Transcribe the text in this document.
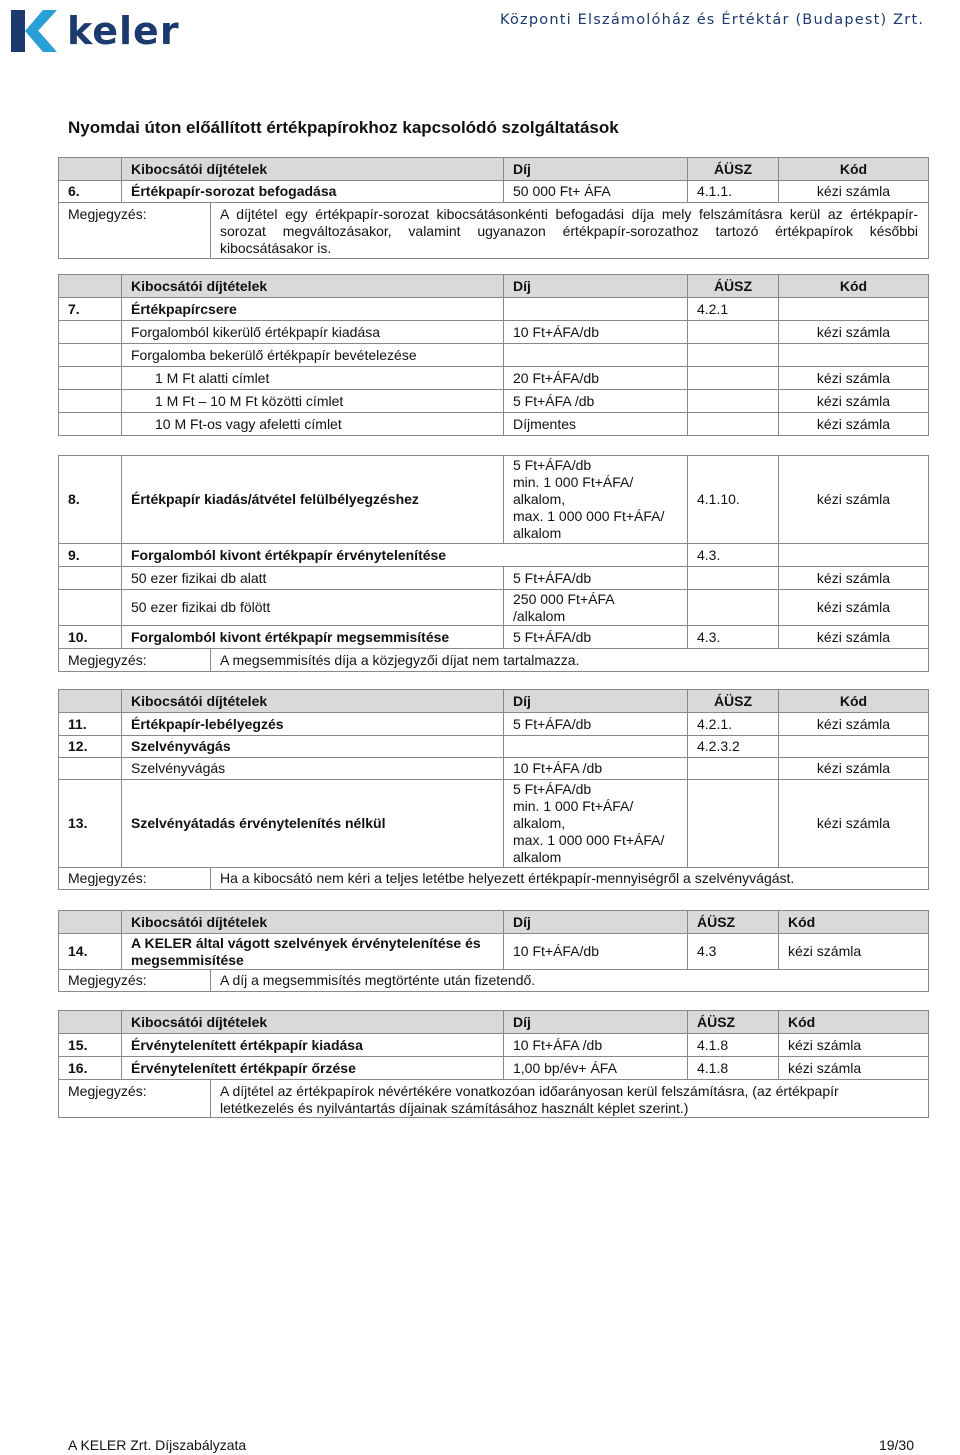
keler	Központi Elszámolóház és Értéktár (Budapest) Zrt.
Nyomdai úton előállított értékpapírokhoz kapcsolódó szolgáltatások
	Kibocsátói díjtételek		Díj	ÁÜSZ	Kód
6.	Értékpapír-sorozat befogadása		50 000 Ft+ ÁFA	4.1.1.	kézi számla
Megjegyzés:		A díjtétel egy értékpapír-sorozat kibocsátásonkénti befogadási díja mely felszámításra kerül az értékpapír-sorozat megváltozásakor, valamint ugyanazon értékpapír-sorozathoz tartozó értékpapírok későbbi kibocsátásakor is.			
	Kibocsátói díjtételek	Díj	ÁÜSZ	Kód
7.	Értékpapírcsere		4.2.1	
	Forgalomból kikerülő értékpapír kiadása	10 Ft+ÁFA/db		kézi számla
	Forgalomba bekerülő értékpapír bevételezése			
	1 M Ft alatti címlet	20 Ft+ÁFA/db		kézi számla
	1 M Ft – 10 M Ft közötti címlet	5 Ft+ÁFA /db		kézi számla
	10 M Ft-os vagy afeletti címlet	Díjmentes		kézi számla
8.	Értékpapír kiadás/átvétel felülbélyegzéshez		5 Ft+ÁFA/db
min. 1 000 Ft+ÁFA/ alkalom,
max. 1 000 000 Ft+ÁFA/ alkalom	4.1.10.	kézi számla
9.	Forgalomból kivont értékpapír érvénytelenítése			4.3.	
	50 ezer fizikai db alatt		5 Ft+ÁFA/db		kézi számla
	50 ezer fizikai db fölött		250 000 Ft+ÁFA /alkalom		kézi számla
10.	Forgalomból kivont értékpapír megsemmisítése		5 Ft+ÁFA/db	4.3.	kézi számla
Megjegyzés:		A megsemmisítés díja a közjegyzői díjat nem tartalmazza.			
	Kibocsátói díjtételek		Díj	ÁÜSZ	Kód
11.	Értékpapír-lebélyegzés		5 Ft+ÁFA/db	4.2.1.	kézi számla
12.	Szelvényvágás			4.2.3.2	
	Szelvényvágás		10 Ft+ÁFA /db		kézi számla
13.	Szelvényátadás érvénytelenítés nélkül		5 Ft+ÁFA/db
min. 1 000 Ft+ÁFA/ alkalom,
max. 1 000 000 Ft+ÁFA/ alkalom		kézi számla
Megjegyzés:		Ha a kibocsátó nem kéri a teljes letétbe helyezett értékpapír-mennyiségről a szelvényvágást.			
	Kibocsátói díjtételek		Díj	ÁÜSZ	Kód
14.	A KELER által vágott szelvények érvénytelenítése és megsemmisítése		10 Ft+ÁFA/db	4.3	kézi számla
Megjegyzés:		A díj a megsemmisítés megtörténte után fizetendő.			
	Kibocsátói díjtételek		Díj	ÁÜSZ	Kód
15.	Érvénytelenített értékpapír kiadása		10 Ft+ÁFA /db	4.1.8	kézi számla
16.	Érvénytelenített értékpapír őrzése		1,00 bp/év+ ÁFA	4.1.8	kézi számla
Megjegyzés:		A díjtétel az értékpapírok névértékére vonatkozóan időarányosan kerül felszámításra, (az értékpapír letétkezelés és nyilvántartás díjainak számításához használt képlet szerint.)			
A KELER Zrt. Díjszabályzata	19/30
